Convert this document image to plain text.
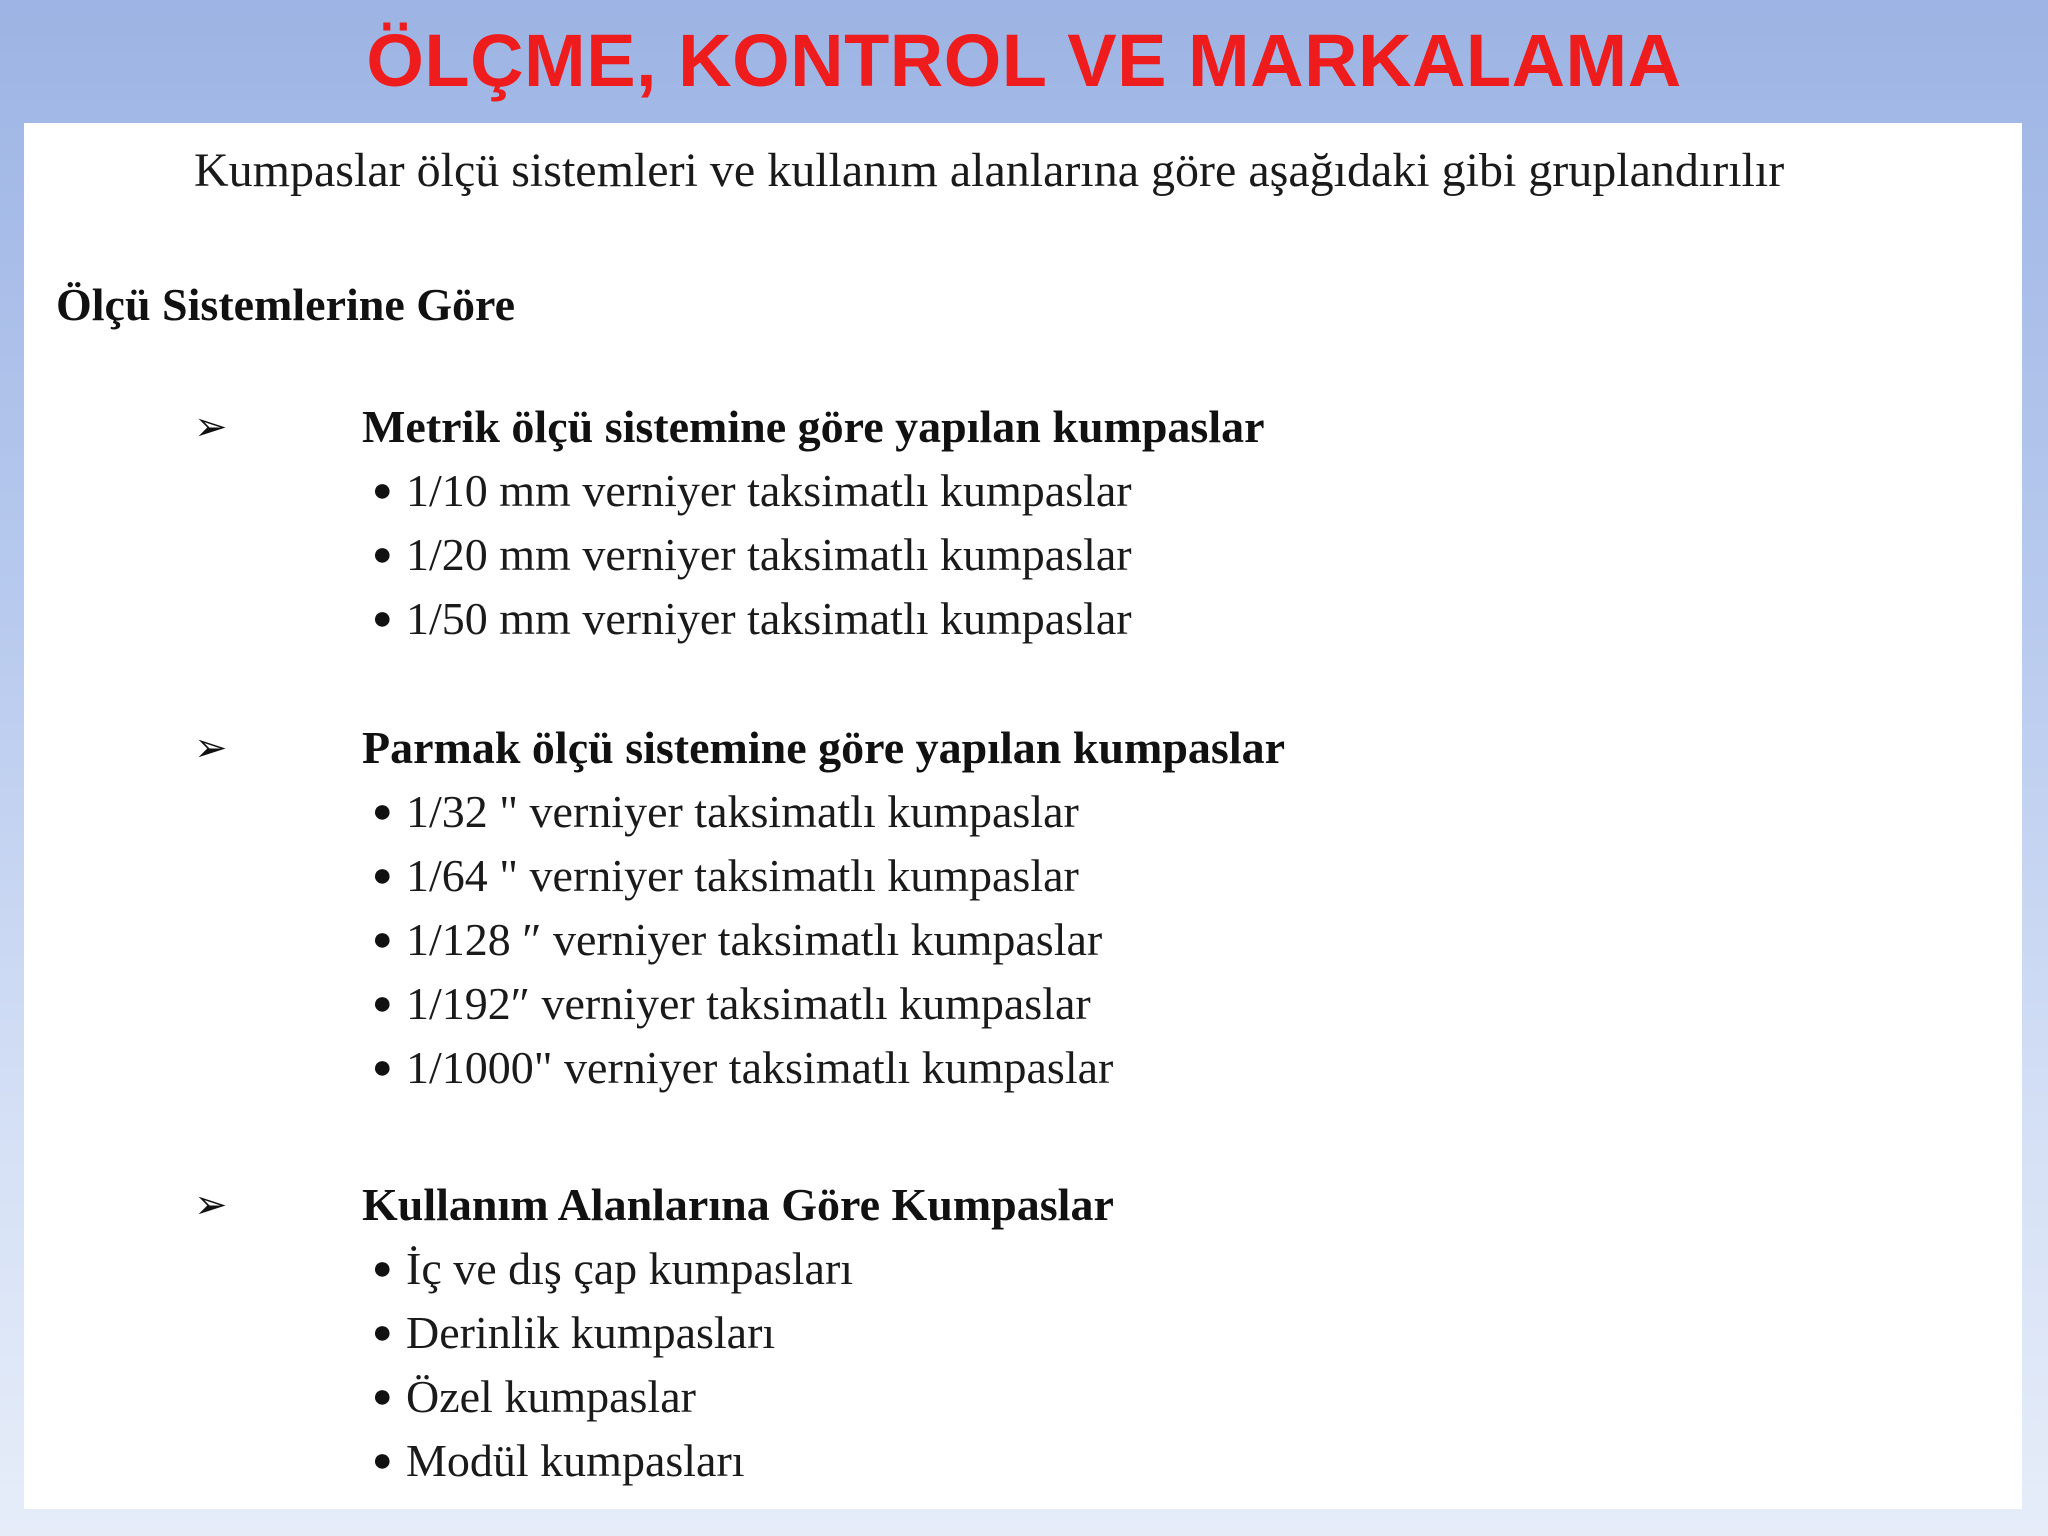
ÖLÇME, KONTROL VE MARKALAMA
Kumpaslar ölçü sistemleri ve kullanım alanlarına göre aşağıdaki gibi gruplandırılır
Ölçü Sistemlerine Göre
➢	Metrik ölçü sistemine göre yapılan kumpaslar
● 1/10 mm verniyer taksimatlı kumpaslar
● 1/20 mm verniyer taksimatlı kumpaslar
● 1/50 mm verniyer taksimatlı kumpaslar
➢	Parmak ölçü sistemine göre yapılan kumpaslar
● 1/32 " verniyer taksimatlı kumpaslar
● 1/64 " verniyer taksimatlı kumpaslar
● 1/128 ″ verniyer taksimatlı kumpaslar
● 1/192″ verniyer taksimatlı kumpaslar
● 1/1000" verniyer taksimatlı kumpaslar
➢	Kullanım Alanlarına Göre Kumpaslar
● İç ve dış çap kumpasları
● Derinlik kumpasları
● Özel kumpaslar
● Modül kumpasları
